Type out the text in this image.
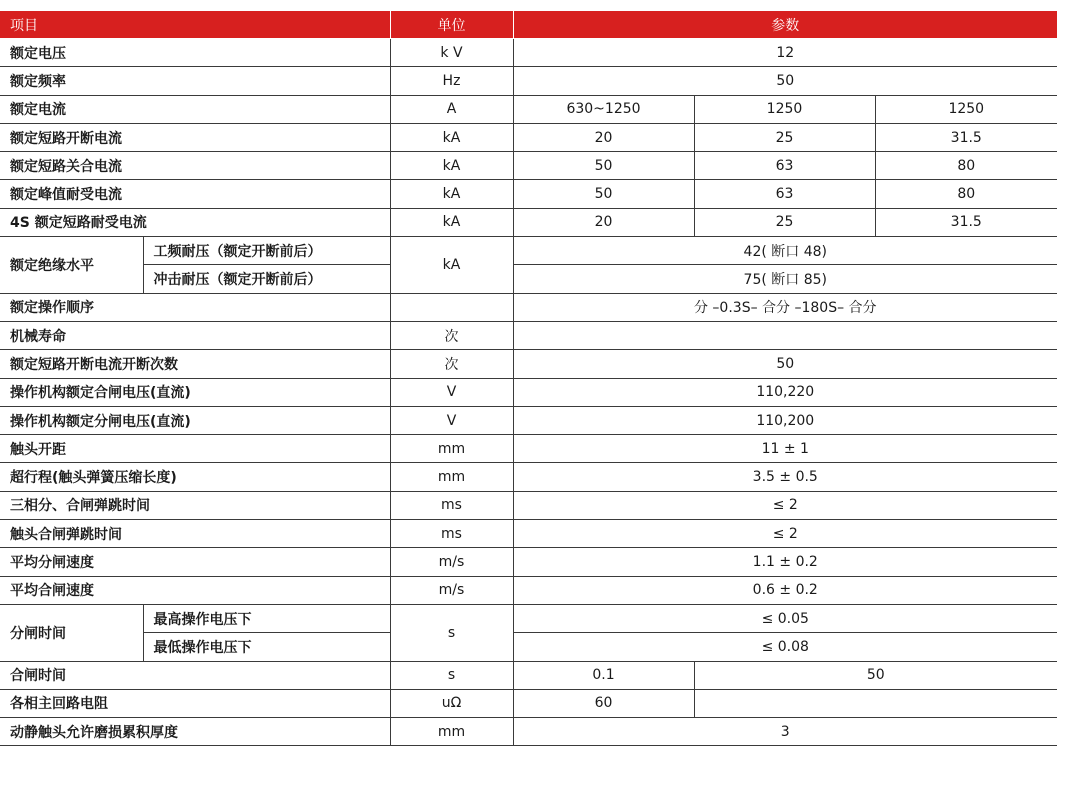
项目		单位	参数		
额定电压		k V	12		
额定频率		Hz	50		
额定电流		A	630~1250	1250	1250
额定短路开断电流		kA	20	25	31.5
额定短路关合电流		kA	50	63	80
额定峰值耐受电流		kA	50	63	80
4S 额定短路耐受电流		kA	20	25	31.5
额定绝缘水平	工频耐压（额定开断前后）	kA	42( 断口 48)		
	冲击耐压（额定开断前后）		75( 断口 85)		
额定操作顺序			分 –0.3S– 合分 –180S– 合分		
机械寿命		次			
额定短路开断电流开断次数		次	50		
操作机构额定合闸电压(直流)		V	110,220		
操作机构额定分闸电压(直流)		V	110,200		
触头开距		mm	11 ± 1		
超行程(触头弹簧压缩长度)		mm	3.5 ± 0.5		
三相分、合闸弹跳时间		ms	≤ 2		
触头合闸弹跳时间		ms	≤ 2		
平均分闸速度		m/s	1.1 ± 0.2		
平均合闸速度		m/s	0.6 ± 0.2		
分闸时间	最高操作电压下	s	≤ 0.05		
	最低操作电压下		≤ 0.08		
合闸时间		s	0.1	50	
各相主回路电阻		uΩ	60		
动静触头允许磨损累积厚度		mm	3		
